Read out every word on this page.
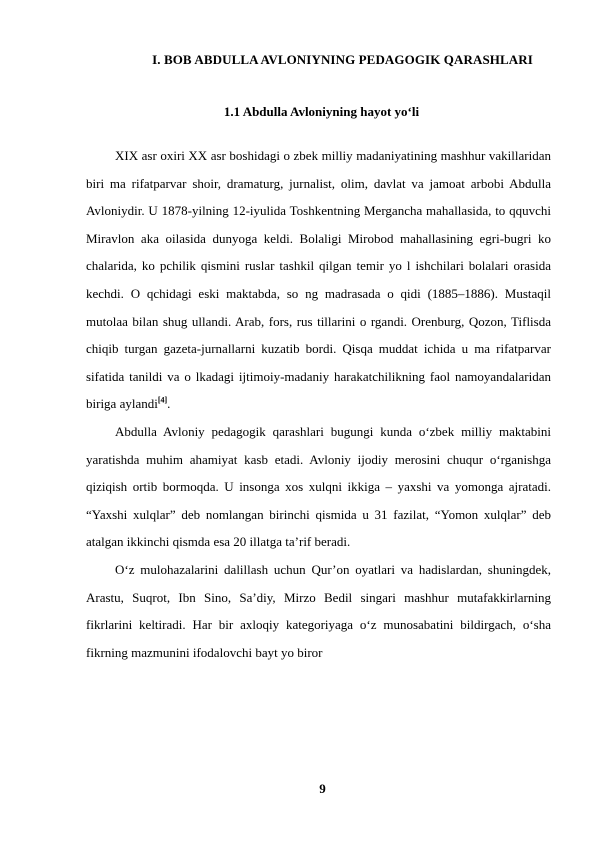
I. BOB ABDULLA AVLONIYNING PEDAGOGIK QARASHLARI
1.1 Abdulla Avloniyning hayot yo‘li

XIX asr oxiri XX asr boshidagi o zbek milliy madaniyatining mashhur vakillaridan biri ma rifatparvar shoir, dramaturg, jurnalist, olim, davlat va jamoat arbobi Abdulla Avloniydir. U 1878-yilning 12-iyulida Toshkentning Mergancha mahallasida, to qquvchi Miravlon aka oilasida dunyoga keldi. Bolaligi Mirobod mahallasining egri-bugri ko chalarida, ko pchilik qismini ruslar tashkil qilgan temir yo l ishchilari bolalari orasida kechdi. O qchidagi eski maktabda, so ng madrasada o qidi (1885–1886). Mustaqil mutolaa bilan shug ullandi. Arab, fors, rus tillarini o rgandi. Orenburg, Qozon, Tiflisda chiqib turgan gazeta-jurnallarni kuzatib bordi. Qisqa muddat ichida u ma rifatparvar sifatida tanildi va o lkadagi ijtimoiy-madaniy harakatchilikning faol namoyandalaridan biriga aylandi[4].

Abdulla Avloniy pedagogik qarashlari bugungi kunda o‘zbek milliy maktabini yaratishda muhim ahamiyat kasb etadi. Avloniy ijodiy merosini chuqur o‘rganishga qiziqish ortib bormoqda. U insonga xos xulqni ikkiga – yaxshi va yomonga ajratadi. “Yaxshi xulqlar” deb nomlangan birinchi qismida u 31 fazilat, “Yomon xulqlar” deb atalgan ikkinchi qismda esa 20 illatga ta’rif beradi.

O‘z mulohazalarini dalillash uchun Qur’on oyatlari va hadislardan, shuningdek, Arastu, Suqrot, Ibn Sino, Sa’diy, Mirzo Bedil singari mashhur mutafakkirlarning fikrlarini keltiradi. Har bir axloqiy kategoriyaga o‘z munosabatini bildirgach, o‘sha fikrning mazmunini ifodalovchi bayt yo biror

9
